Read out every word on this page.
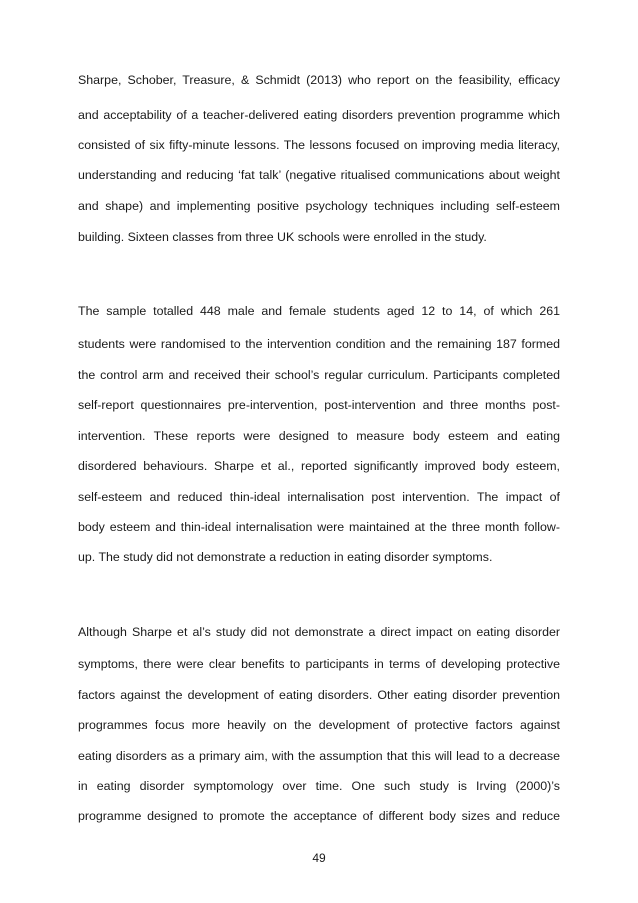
Sharpe, Schober, Treasure, & Schmidt (2013) who report on the feasibility, efficacy
and acceptability of a teacher-delivered eating disorders prevention programme which
consisted of six fifty-minute lessons. The lessons focused on improving media literacy,
understanding and reducing ‘fat talk’ (negative ritualised communications about weight
and shape) and implementing positive psychology techniques including self-esteem
building. Sixteen classes from three UK schools were enrolled in the study.
The sample totalled 448 male and female students aged 12 to 14, of which 261
students were randomised to the intervention condition and the remaining 187 formed
the control arm and received their school’s regular curriculum. Participants completed
self-report questionnaires pre-intervention, post-intervention and three months post-
intervention. These reports were designed to measure body esteem and eating
disordered behaviours. Sharpe et al., reported significantly improved body esteem,
self-esteem and reduced thin-ideal internalisation post intervention. The impact of
body esteem and thin-ideal internalisation were maintained at the three month follow-
up. The study did not demonstrate a reduction in eating disorder symptoms.
Although Sharpe et al’s study did not demonstrate a direct impact on eating disorder
symptoms, there were clear benefits to participants in terms of developing protective
factors against the development of eating disorders. Other eating disorder prevention
programmes focus more heavily on the development of protective factors against
eating disorders as a primary aim, with the assumption that this will lead to a decrease
in eating disorder symptomology over time. One such study is Irving (2000)’s
programme designed to promote the acceptance of different body sizes and reduce
49
